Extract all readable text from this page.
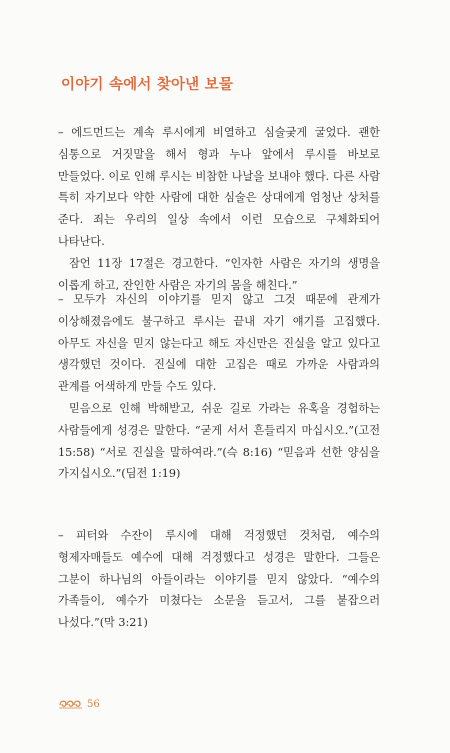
이야기 속에서 찾아낸 보물

– 에드먼드는 계속 루시에게 비열하고 심술궂게 굴었다. 괜한 심통으로 거짓말을 해서 형과 누나 앞에서 루시를 바보로 만들었다. 이로 인해 루시는 비참한 나날을 보내야 했다. 다른 사람 특히 자기보다 약한 사람에 대한 심술은 상대에게 엄청난 상처를 준다. 죄는 우리의 일상 속에서 이런 모습으로 구체화되어 나타난다.

잠언 11장 17절은 경고한다. “인자한 사람은 자기의 생명을 이롭게 하고, 잔인한 사람은 자기의 몸을 해친다.”

– 모두가 자신의 이야기를 믿지 않고 그것 때문에 관계가 이상해졌음에도 불구하고 루시는 끝내 자기 얘기를 고집했다. 아무도 자신을 믿지 않는다고 해도 자신만은 진실을 알고 있다고 생각했던 것이다. 진실에 대한 고집은 때로 가까운 사람과의 관계를 어색하게 만들 수도 있다.

믿음으로 인해 박해받고, 쉬운 길로 가라는 유혹을 경험하는 사람들에게 성경은 말한다. “굳게 서서 흔들리지 마십시오.”(고전 15:58) “서로 진실을 말하여라.”(슥 8:16) “믿음과 선한 양심을 가지십시오.”(딤전 1:19)

– 피터와 수잔이 루시에 대해 걱정했던 것처럼, 예수의 형제자매들도 예수에 대해 걱정했다고 성경은 말한다. 그들은 그분이 하나님의 아들이라는 이야기를 믿지 않았다. “예수의 가족들이, 예수가 미쳤다는 소문을 듣고서, 그를 붙잡으러 나섰다.”(막 3:21)

56
